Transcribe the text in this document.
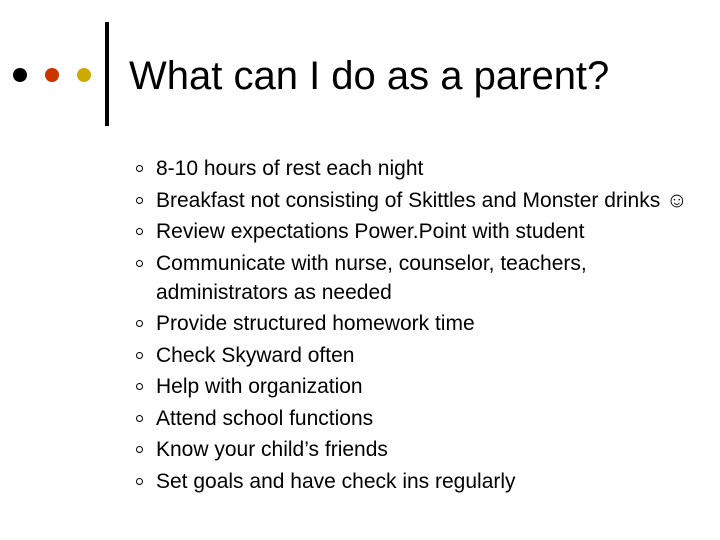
What can I do as a parent?
8-10 hours of rest each night
Breakfast not consisting of Skittles and Monster drinks ☺
Review expectations Power.Point with student
Communicate with nurse, counselor, teachers, administrators as needed
Provide structured homework time
Check Skyward often
Help with organization
Attend school functions
Know your child’s friends
Set goals and have check ins regularly
